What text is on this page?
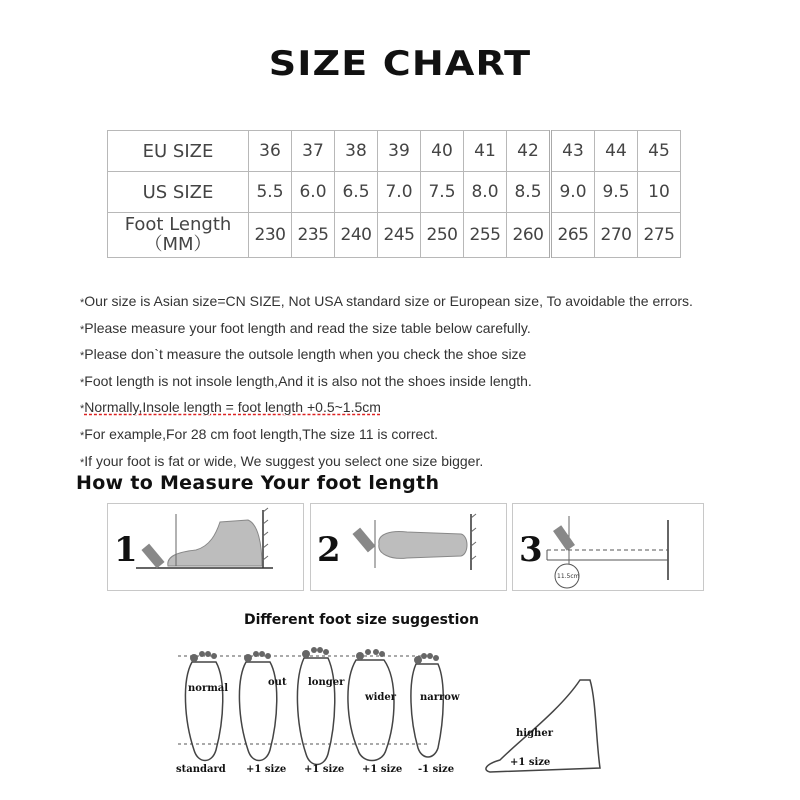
SIZE CHART
EU SIZE	36	37	38	39	40	41	42	43	44	45
US SIZE	5.5	6.0	6.5	7.0	7.5	8.0	8.5	9.0	9.5	10

Foot Length
（MM）	230	235	240	245	250	255	260	265	270	275
*Our size is Asian size=CN SIZE, Not USA standard size or European size, To avoidable the errors.
*Please measure your foot length and read the size table below carefully.
*Please don`t measure the outsole length when you check the shoe size
*Foot length is not insole length,And it is also not the shoes inside length.
*Normally,Insole length = foot length +0.5~1.5cm
*For example,For 28 cm foot length,The size 11 is correct.
*If your foot is fat or wide, We suggest you select one size bigger.
How to Measure Your foot length
1	2	3
11.5cm
Different foot size suggestion
normal
out longer
wider narrow
higher
standard +1 size +1 size +1 size -1 size
+1 size
